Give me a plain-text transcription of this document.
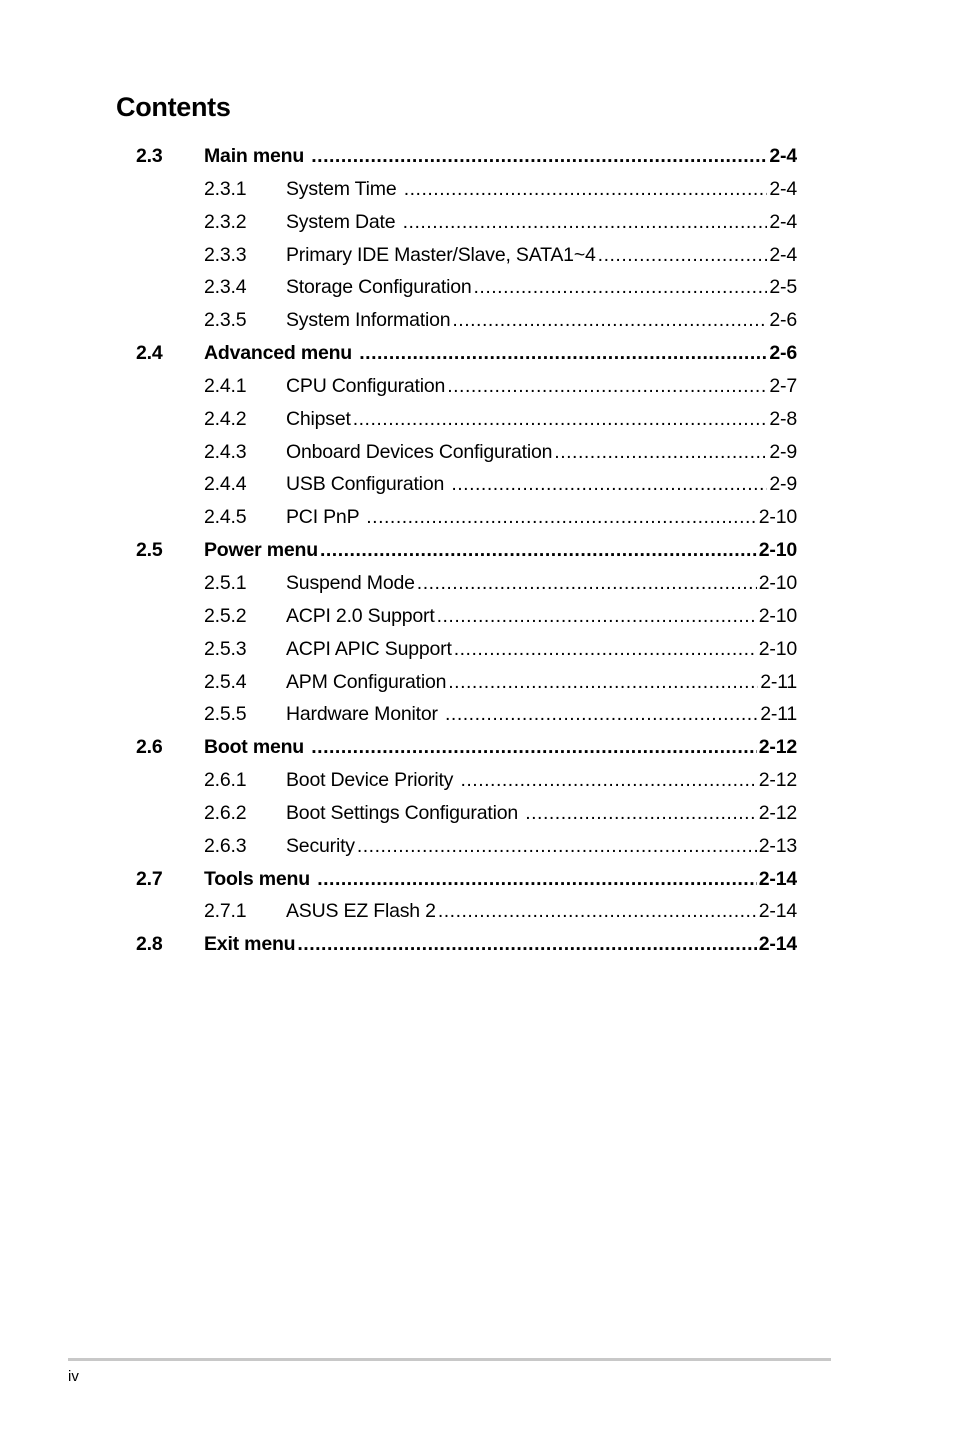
Contents
2.3 Main menu .....	2-4
2.3.1 System Time .....	2-4
2.3.2 System Date .....	2-4
2.3.3 Primary IDE Master/Slave, SATA1~4 .....	2-4
2.3.4 Storage Configuration .....	2-5
2.3.5 System Information .....	2-6
2.4 Advanced menu .....	2-6
2.4.1 CPU Configuration .....	2-7
2.4.2 Chipset .....	2-8
2.4.3 Onboard Devices Configuration .....	2-9
2.4.4 USB Configuration .....	2-9
2.4.5 PCI PnP .....	2-10
2.5 Power menu .....	2-10
2.5.1 Suspend Mode .....	2-10
2.5.2 ACPI 2.0 Support .....	2-10
2.5.3 ACPI APIC Support .....	2-10
2.5.4 APM Configuration .....	2-11
2.5.5 Hardware Monitor .....	2-11
2.6 Boot menu .....	2-12
2.6.1 Boot Device Priority .....	2-12
2.6.2 Boot Settings Configuration .....	2-12
2.6.3 Security .....	2-13
2.7 Tools menu .....	2-14
2.7.1 ASUS EZ Flash 2 .....	2-14
2.8 Exit menu .....	2-14
iv
